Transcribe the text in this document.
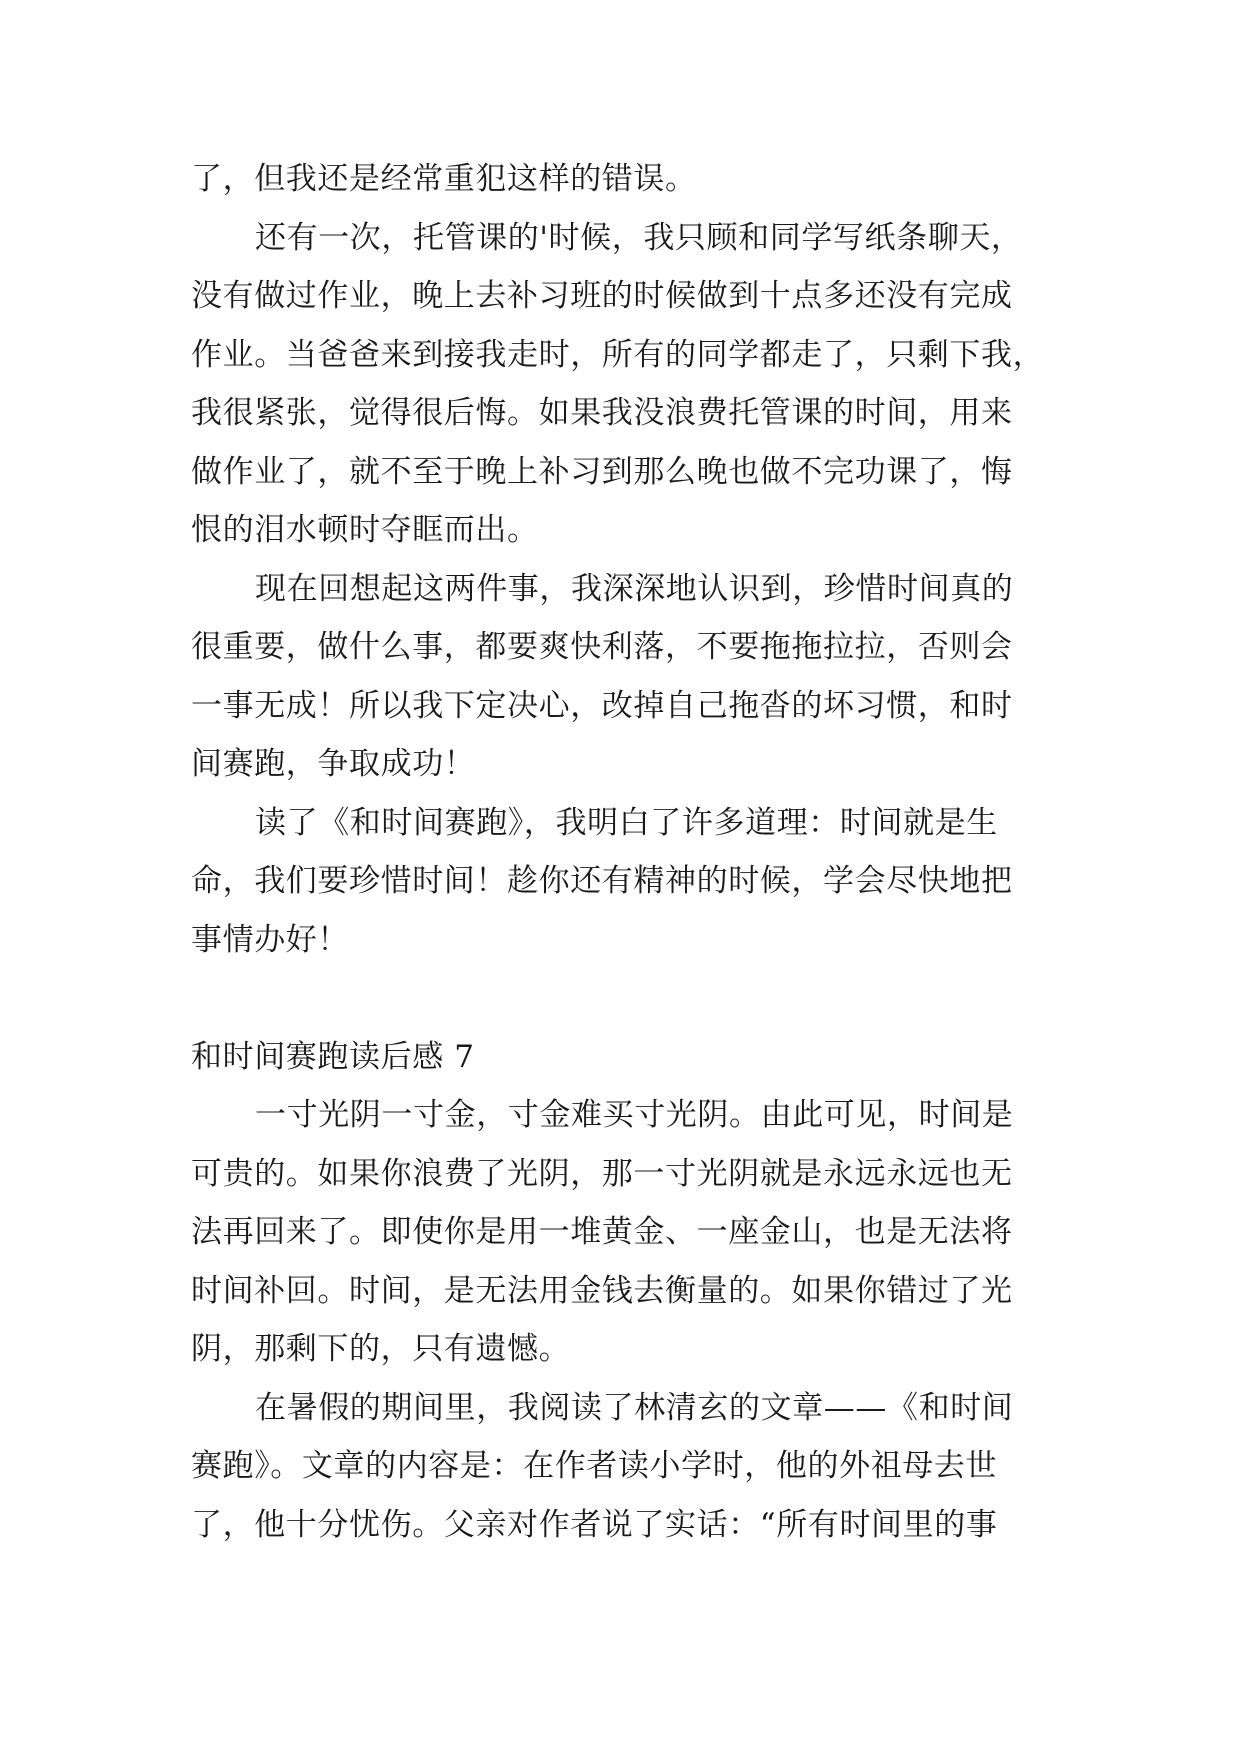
了，但我还是经常重犯这样的错误。
还有一次，托管课的'时候，我只顾和同学写纸条聊天，
没有做过作业，晚上去补习班的时候做到十点多还没有完成
作业。当爸爸来到接我走时，所有的同学都走了，只剩下我，
我很紧张，觉得很后悔。如果我没浪费托管课的时间，用来
做作业了，就不至于晚上补习到那么晚也做不完功课了，悔
恨的泪水顿时夺眶而出。
现在回想起这两件事，我深深地认识到，珍惜时间真的
很重要，做什么事，都要爽快利落，不要拖拖拉拉，否则会
一事无成！所以我下定决心，改掉自己拖沓的坏习惯，和时
间赛跑，争取成功！
读了《和时间赛跑》，我明白了许多道理：时间就是生
命，我们要珍惜时间！趁你还有精神的时候，学会尽快地把
事情办好！
和时间赛跑读后感 7
一寸光阴一寸金，寸金难买寸光阴。由此可见，时间是
可贵的。如果你浪费了光阴，那一寸光阴就是永远永远也无
法再回来了。即使你是用一堆黄金、一座金山，也是无法将
时间补回。时间，是无法用金钱去衡量的。如果你错过了光
阴，那剩下的，只有遗憾。
在暑假的期间里，我阅读了林清玄的文章——《和时间
赛跑》。文章的内容是：在作者读小学时，他的外祖母去世
了，他十分忧伤。父亲对作者说了实话：“所有时间里的事
